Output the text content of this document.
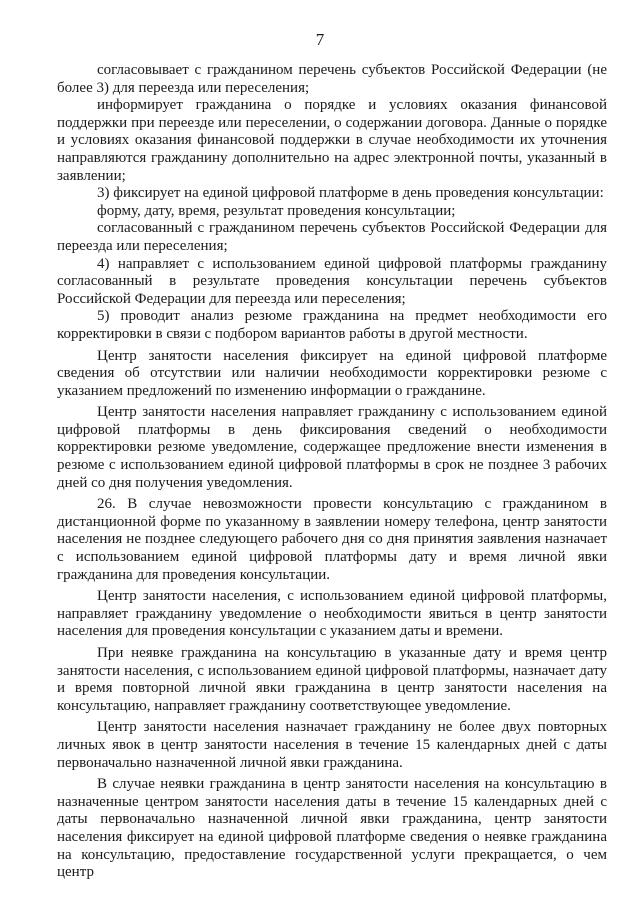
7

согласовывает с гражданином перечень субъектов Российской Федерации (не более 3) для переезда или переселения;

информирует гражданина о порядке и условиях оказания финансовой поддержки при переезде или переселении, о содержании договора. Данные о порядке и условиях оказания финансовой поддержки в случае необходимости их уточнения направляются гражданину дополнительно на адрес электронной почты, указанный в заявлении;

3) фиксирует на единой цифровой платформе в день проведения консультации:

форму, дату, время, результат проведения консультации;

согласованный с гражданином перечень субъектов Российской Федерации для переезда или переселения;

4) направляет с использованием единой цифровой платформы гражданину согласованный в результате проведения консультации перечень субъектов Российской Федерации для переезда или переселения;

5) проводит анализ резюме гражданина на предмет необходимости его корректировки в связи с подбором вариантов работы в другой местности.

Центр занятости населения фиксирует на единой цифровой платформе сведения об отсутствии или наличии необходимости корректировки резюме с указанием предложений по изменению информации о гражданине.

Центр занятости населения направляет гражданину с использованием единой цифровой платформы в день фиксирования сведений о необходимости корректировки резюме уведомление, содержащее предложение внести изменения в резюме с использованием единой цифровой платформы в срок не позднее 3 рабочих дней со дня получения уведомления.

26. В случае невозможности провести консультацию с гражданином в дистанционной форме по указанному в заявлении номеру телефона, центр занятости населения не позднее следующего рабочего дня со дня принятия заявления назначает с использованием единой цифровой платформы дату и время личной явки гражданина для проведения консультации.

Центр занятости населения, с использованием единой цифровой платформы, направляет гражданину уведомление о необходимости явиться в центр занятости населения для проведения консультации с указанием даты и времени.

При неявке гражданина на консультацию в указанные дату и время центр занятости населения, с использованием единой цифровой платформы, назначает дату и время повторной личной явки гражданина в центр занятости населения на консультацию, направляет гражданину соответствующее уведомление.

Центр занятости населения назначает гражданину не более двух повторных личных явок в центр занятости населения в течение 15 календарных дней с даты первоначально назначенной личной явки гражданина.

В случае неявки гражданина в центр занятости населения на консультацию в назначенные центром занятости населения даты в течение 15 календарных дней с даты первоначально назначенной личной явки гражданина, центр занятости населения фиксирует на единой цифровой платформе сведения о неявке гражданина на консультацию, предоставление государственной услуги прекращается, о чем центр
